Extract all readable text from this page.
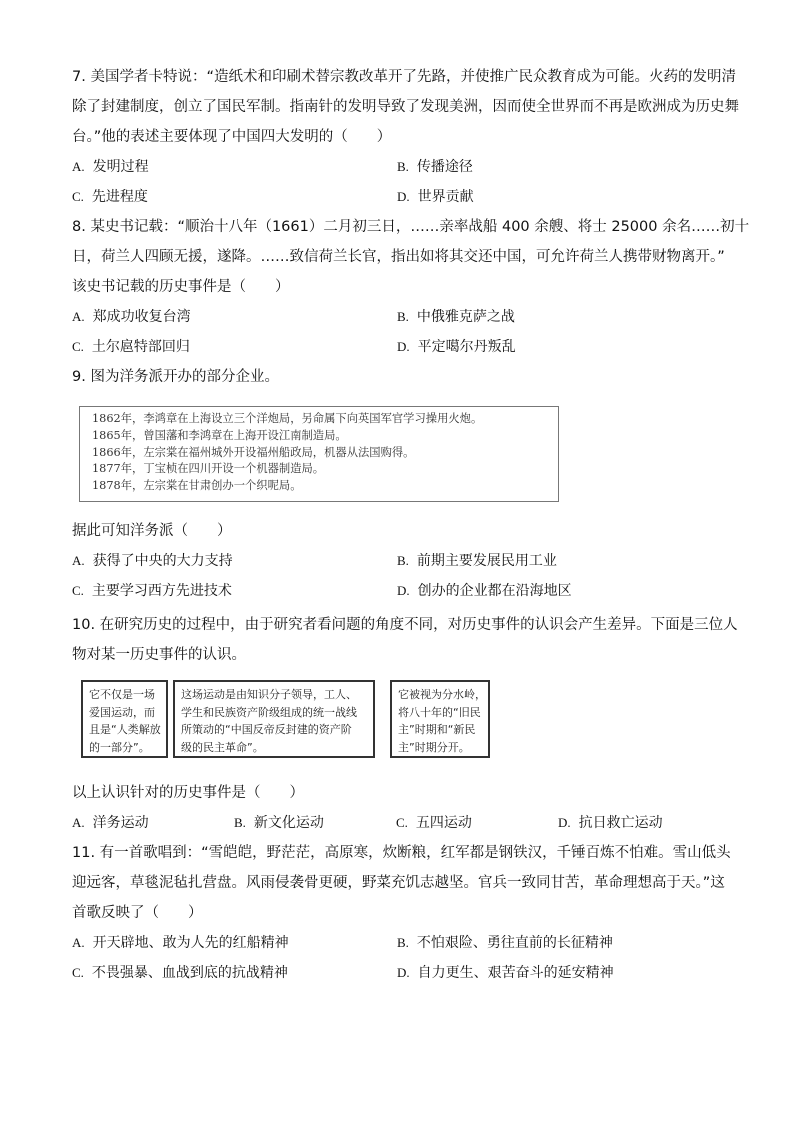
7. 美国学者卡特说：“造纸术和印刷术替宗教改革开了先路，并使推广民众教育成为可能。火药的发明清

除了封建制度，创立了国民军制。指南针的发明导致了发现美洲，因而使全世界而不再是欧洲成为历史舞

台。”他的表述主要体现了中国四大发明的（　　）

A. 发明过程	B. 传播途径
C. 先进程度	D. 世界贡献

8. 某史书记载：“顺治十八年（1661）二月初三日，……亲率战船 400 余艘、将士 25000 余名……初十

日，荷兰人四顾无援，遂降。……致信荷兰长官，指出如将其交还中国，可允许荷兰人携带财物离开。”

该史书记载的历史事件是（　　）

A. 郑成功收复台湾	B. 中俄雅克萨之战
C. 土尔扈特部回归	D. 平定噶尔丹叛乱

9. 图为洋务派开办的部分企业。

1862年，李鸿章在上海设立三个洋炮局，另命属下向英国军官学习操用火炮。
1865年，曾国藩和李鸿章在上海开设江南制造局。
1866年，左宗棠在福州城外开设福州船政局，机器从法国购得。
1877年，丁宝桢在四川开设一个机器制造局。
1878年，左宗棠在甘肃创办一个织呢局。

据此可知洋务派（　　）

A. 获得了中央的大力支持	B. 前期主要发展民用工业
C. 主要学习西方先进技术	D. 创办的企业都在沿海地区

10. 在研究历史的过程中，由于研究者看问题的角度不同，对历史事件的认识会产生差异。下面是三位人

物对某一历史事件的认识。

它不仅是一场
爱国运动，而
且是“人类解放
的一部分”。
这场运动是由知识分子领导，工人、
学生和民族资产阶级组成的统一战线
所策动的“中国反帝反封建的资产阶
级的民主革命”。
它被视为分水岭，
将八十年的“旧民
主”时期和“新民
主”时期分开。

以上认识针对的历史事件是（　　）

A. 洋务运动	B. 新文化运动	C. 五四运动	D. 抗日救亡运动

11. 有一首歌唱到：“雪皑皑，野茫茫，高原寒，炊断粮，红军都是钢铁汉，千锤百炼不怕难。雪山低头

迎远客，草毯泥毡扎营盘。风雨侵袭骨更硬，野菜充饥志越坚。官兵一致同甘苦，革命理想高于天。”这

首歌反映了（　　）

A. 开天辟地、敢为人先的红船精神	B. 不怕艰险、勇往直前的长征精神
C. 不畏强暴、血战到底的抗战精神	D. 自力更生、艰苦奋斗的延安精神
